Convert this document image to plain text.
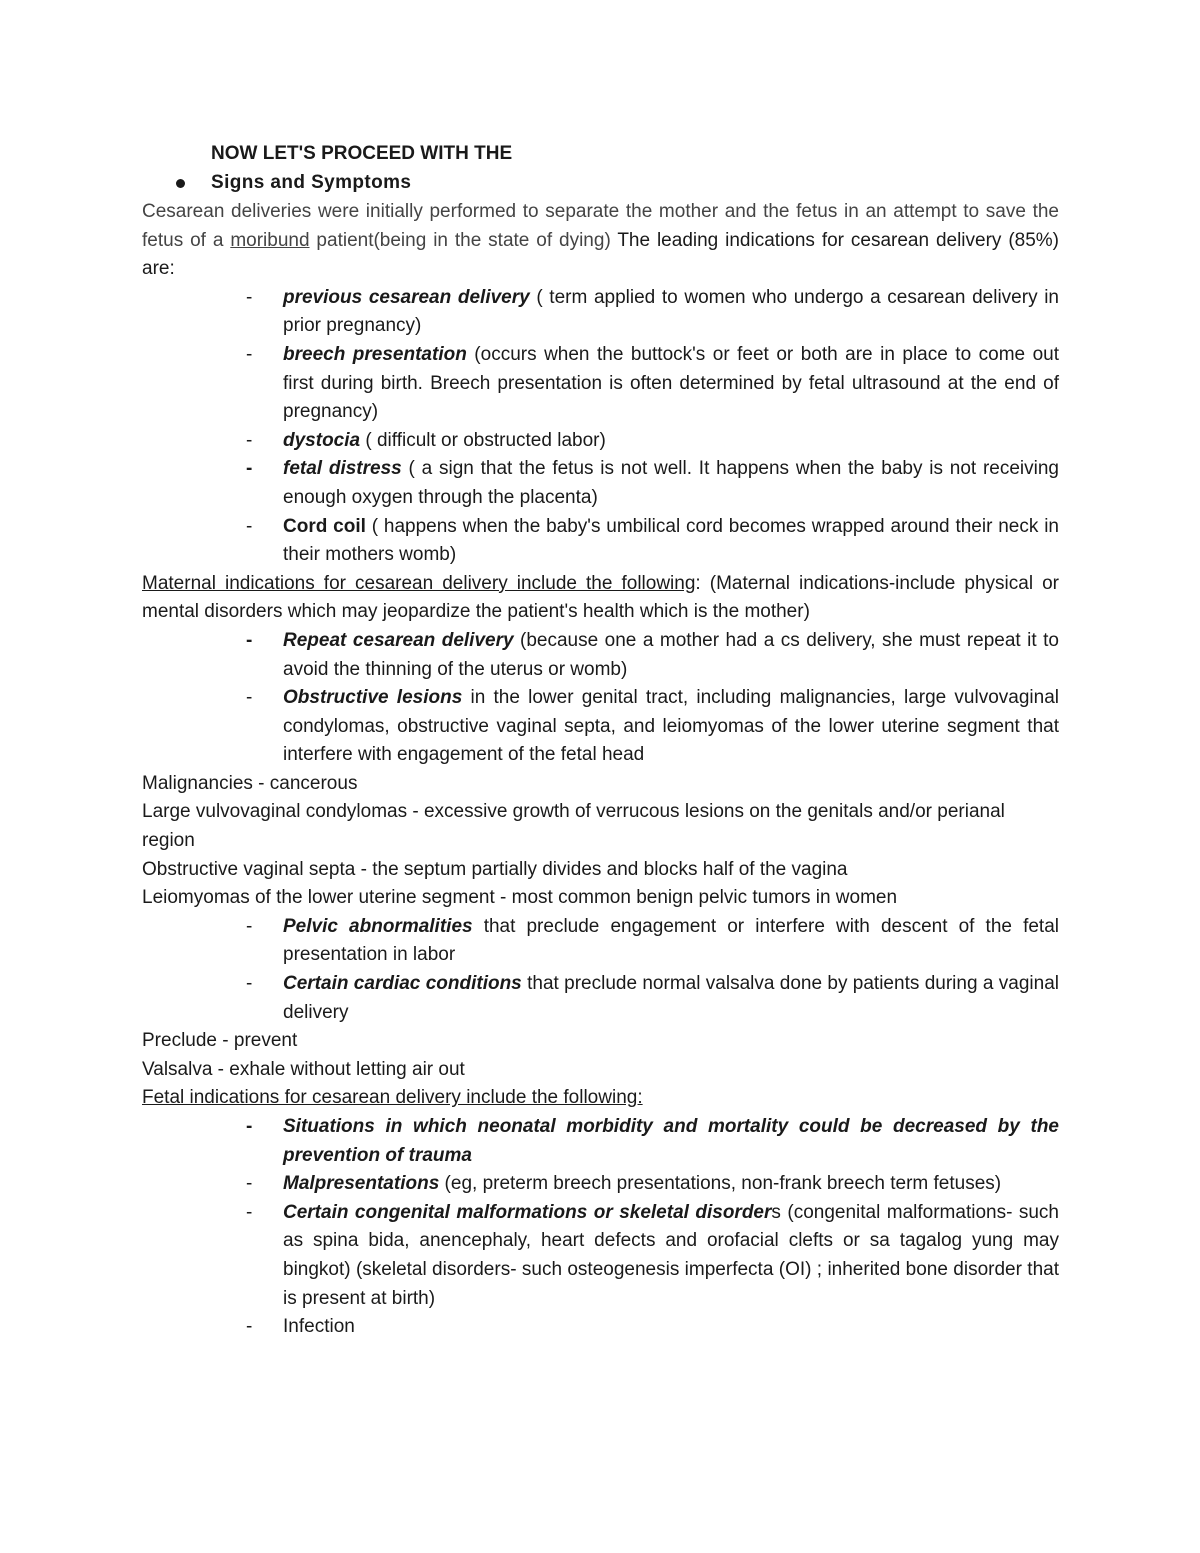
NOW LET'S PROCEED WITH THE
Signs and Symptoms

Cesarean deliveries were initially performed to separate the mother and the fetus in an attempt to save the fetus of a moribund patient(being in the state of dying) The leading indications for cesarean delivery (85%) are:

- previous cesarean delivery ( term applied to women who undergo a cesarean delivery in prior pregnancy)

- breech presentation (occurs when the buttock's or feet or both are in place to come out first during birth. Breech presentation is often determined by fetal ultrasound at the end of pregnancy)

- dystocia ( difficult or obstructed labor)

- fetal distress ( a sign that the fetus is not well. It happens when the baby is not receiving enough oxygen through the placenta)

- Cord coil ( happens when the baby's umbilical cord becomes wrapped around their neck in their mothers womb)

Maternal indications for cesarean delivery include the following: (Maternal indications-include physical or mental disorders which may jeopardize the patient's health which is the mother)

- Repeat cesarean delivery (because one a mother had a cs delivery, she must repeat it to avoid the thinning of the uterus or womb)

- Obstructive lesions in the lower genital tract, including malignancies, large vulvovaginal condylomas, obstructive vaginal septa, and leiomyomas of the lower uterine segment that interfere with engagement of the fetal head

Malignancies - cancerous

Large vulvovaginal condylomas - excessive growth of verrucous lesions on the genitals and/or perianal region

Obstructive vaginal septa - the septum partially divides and blocks half of the vagina

Leiomyomas of the lower uterine segment - most common benign pelvic tumors in women

- Pelvic abnormalities that preclude engagement or interfere with descent of the fetal presentation in labor

- Certain cardiac conditions that preclude normal valsalva done by patients during a vaginal delivery

Preclude - prevent

Valsalva - exhale without letting air out

Fetal indications for cesarean delivery include the following:

- Situations in which neonatal morbidity and mortality could be decreased by the prevention of trauma

- Malpresentations (eg, preterm breech presentations, non-frank breech term fetuses)

- Certain congenital malformations or skeletal disorders (congenital malformations- such as spina bida, anencephaly, heart defects and orofacial clefts or sa tagalog yung may bingkot) (skeletal disorders- such osteogenesis imperfecta (OI) ; inherited bone disorder that is present at birth)

- Infection
